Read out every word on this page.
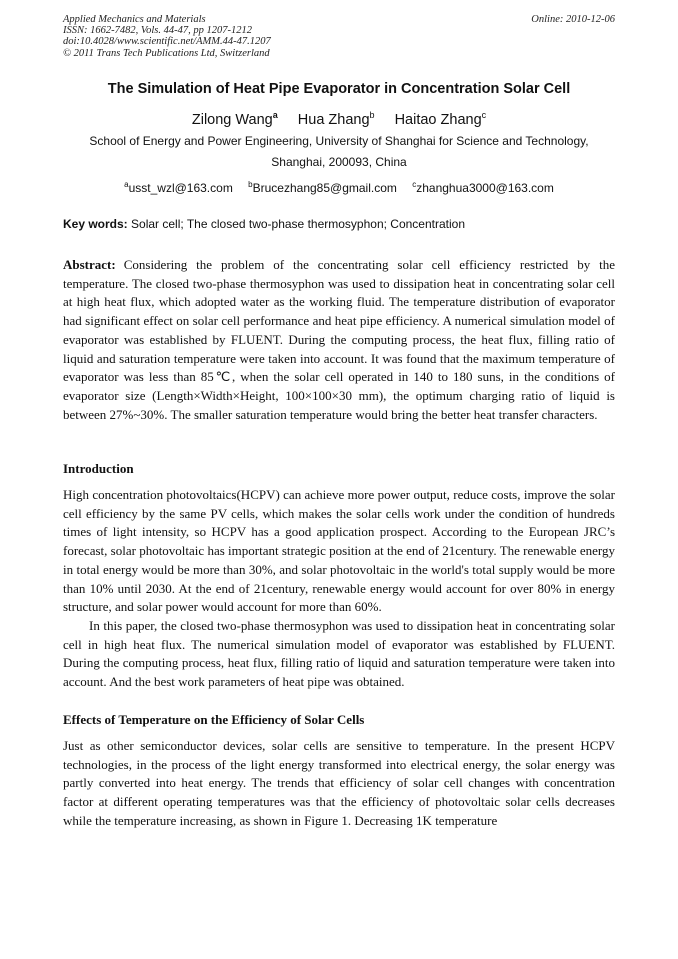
Applied Mechanics and Materials
ISSN: 1662-7482, Vols. 44-47, pp 1207-1212
doi:10.4028/www.scientific.net/AMM.44-47.1207
© 2011 Trans Tech Publications Ltd, Switzerland
Online: 2010-12-06
The Simulation of Heat Pipe Evaporator in Concentration Solar Cell
Zilong Wang$^a$ Hua Zhang$^b$ Haitao Zhang$^c$
School of Energy and Power Engineering, University of Shanghai for Science and Technology, Shanghai, 200093, China
$^a$usst_wzl@163.com $^b$Brucezhang85@gmail.com $^c$zhanghua3000@163.com
Key words: Solar cell; The closed two-phase thermosyphon; Concentration
Abstract: Considering the problem of the concentrating solar cell efficiency restricted by the temperature. The closed two-phase thermosyphon was used to dissipation heat in concentrating solar cell at high heat flux, which adopted water as the working fluid. The temperature distribution of evaporator had significant effect on solar cell performance and heat pipe efficiency. A numerical simulation model of evaporator was established by FLUENT. During the computing process, the heat flux, filling ratio of liquid and saturation temperature were taken into account. It was found that the maximum temperature of evaporator was less than 85℃, when the solar cell operated in 140 to 180 suns, in the conditions of evaporator size (Length×Width×Height, 100×100×30 mm), the optimum charging ratio of liquid is between 27%~30%. The smaller saturation temperature would bring the better heat transfer characters.
Introduction

High concentration photovoltaics(HCPV) can achieve more power output, reduce costs, improve the solar cell efficiency by the same PV cells, which makes the solar cells work under the condition of hundreds times of light intensity, so HCPV has a good application prospect. According to the European JRC’s forecast, solar photovoltaic has important strategic position at the end of 21century. The renewable energy in total energy would be more than 30%, and solar photovoltaic in the world's total supply would be more than 10% until 2030. At the end of 21century, renewable energy would account for over 80% in energy structure, and solar power would account for more than 60%.

In this paper, the closed two-phase thermosyphon was used to dissipation heat in concentrating solar cell in high heat flux. The numerical simulation model of evaporator was established by FLUENT. During the computing process, heat flux, filling ratio of liquid and saturation temperature were taken into account. And the best work parameters of heat pipe was obtained.

Effects of Temperature on the Efficiency of Solar Cells

Just as other semiconductor devices, solar cells are sensitive to temperature. In the present HCPV technologies, in the process of the light energy transformed into electrical energy, the solar energy was partly converted into heat energy. The trends that efficiency of solar cell changes with concentration factor at different operating temperatures was that the efficiency of photovoltaic solar cells decreases while the temperature increasing, as shown in Figure 1. Decreasing 1K temperature
